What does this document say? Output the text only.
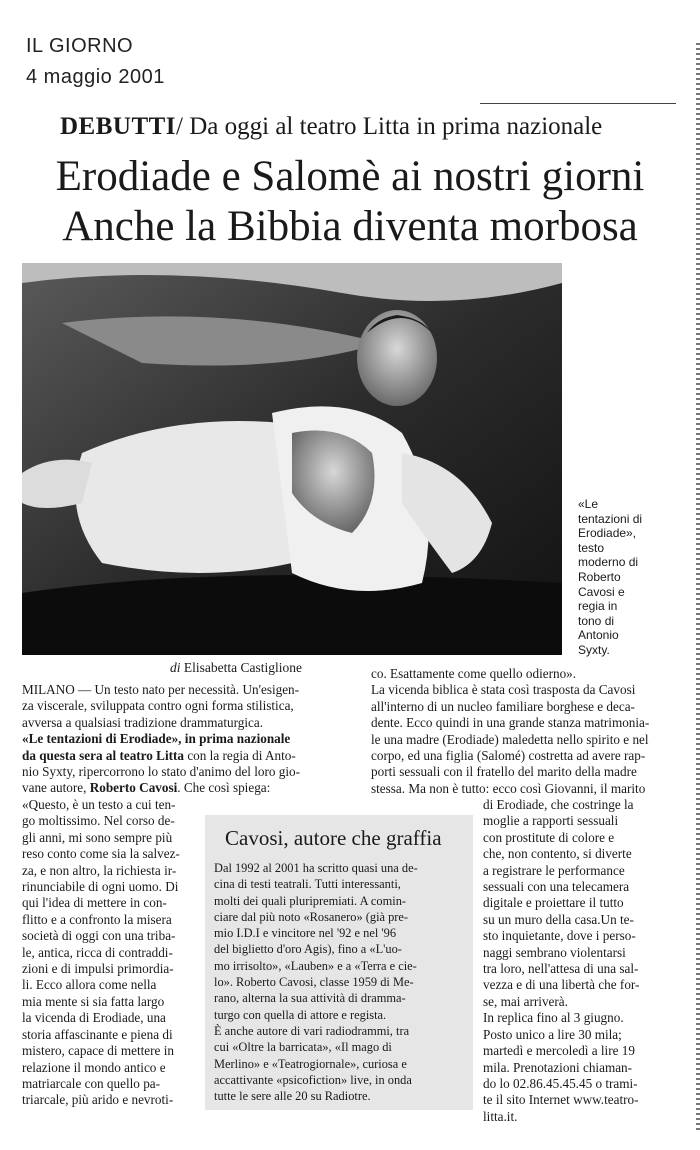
IL GIORNO
4 maggio 2001
DEBUTTI/ Da oggi al teatro Litta in prima nazionale
Erodiade e Salomè ai nostri giorni
Anche la Bibbia diventa morbosa
«Le
tentazioni di
Erodiade»,
testo
moderno di
Roberto
Cavosi e
regia in
tono di
Antonio
Syxty.
di Elisabetta Castiglione

MILANO — Un testo nato per necessità. Un'esigen-

za viscerale, sviluppata contro ogni forma stilistica,

avversa a qualsiasi tradizione drammaturgica.

«Le tentazioni di Erodiade», in prima nazionale

da questa sera al teatro Litta con la regia di Anto-

nio Syxty, ripercorrono lo stato d'animo del loro gio-

vane autore, Roberto Cavosi. Che così spiega:

«Questo, è un testo a cui ten-

go moltissimo. Nel corso de-

gli anni, mi sono sempre più

reso conto come sia la salvez-

za, e non altro, la richiesta ir-

rinunciabile di ogni uomo. Di

qui l'idea di mettere in con-

flitto e a confronto la misera

società di oggi con una triba-

le, antica, ricca di contraddi-

zioni e di impulsi primordia-

li. Ecco allora come nella

mia mente si sia fatta largo

la vicenda di Erodiade, una

storia affascinante e piena di

mistero, capace di mettere in

relazione il mondo antico e

matriarcale con quello pa-

triarcale, più arido e nevroti-

co. Esattamente come quello odierno».

La vicenda biblica è stata così trasposta da Cavosi

all'interno di un nucleo familiare borghese e deca-

dente. Ecco quindi in una grande stanza matrimonia-

le una madre (Erodiade) maledetta nello spirito e nel

corpo, ed una figlia (Salomé) costretta ad avere rap-

porti sessuali con il fratello del marito della madre

stessa. Ma non è tutto: ecco così Giovanni, il marito

di Erodiade, che costringe la

moglie a rapporti sessuali

con prostitute di colore e

che, non contento, si diverte

a registrare le performance

sessuali con una telecamera

digitale e proiettare il tutto

su un muro della casa.Un te-

sto inquietante, dove i perso-

naggi sembrano violentarsi

tra loro, nell'attesa di una sal-

vezza e di una libertà che for-

se, mai arriverà.

In replica fino al 3 giugno.

Posto unico a lire 30 mila;

martedì e mercoledì a lire 19

mila. Prenotazioni chiaman-

do lo 02.86.45.45.45 o trami-

te il sito Internet www.teatro-

litta.it.

Cavosi, autore che graffia

Dal 1992 al 2001 ha scritto quasi una de-

cina di testi teatrali. Tutti interessanti,

molti dei quali pluripremiati. A comin-

ciare dal più noto «Rosanero» (già pre-

mio I.D.I e vincitore nel '92 e nel '96

del biglietto d'oro Agis), fino a «L'uo-

mo irrisolto», «Lauben» e a «Terra e cie-

lo». Roberto Cavosi, classe 1959 di Me-

rano, alterna la sua attività di dramma-

turgo con quella di attore e regista.

È anche autore di vari radiodrammi, tra

cui «Oltre la barricata», «Il mago di

Merlino» e «Teatrogiornale», curiosa e

accattivante «psicofiction» live, in onda

tutte le sere alle 20 su Radiotre.
